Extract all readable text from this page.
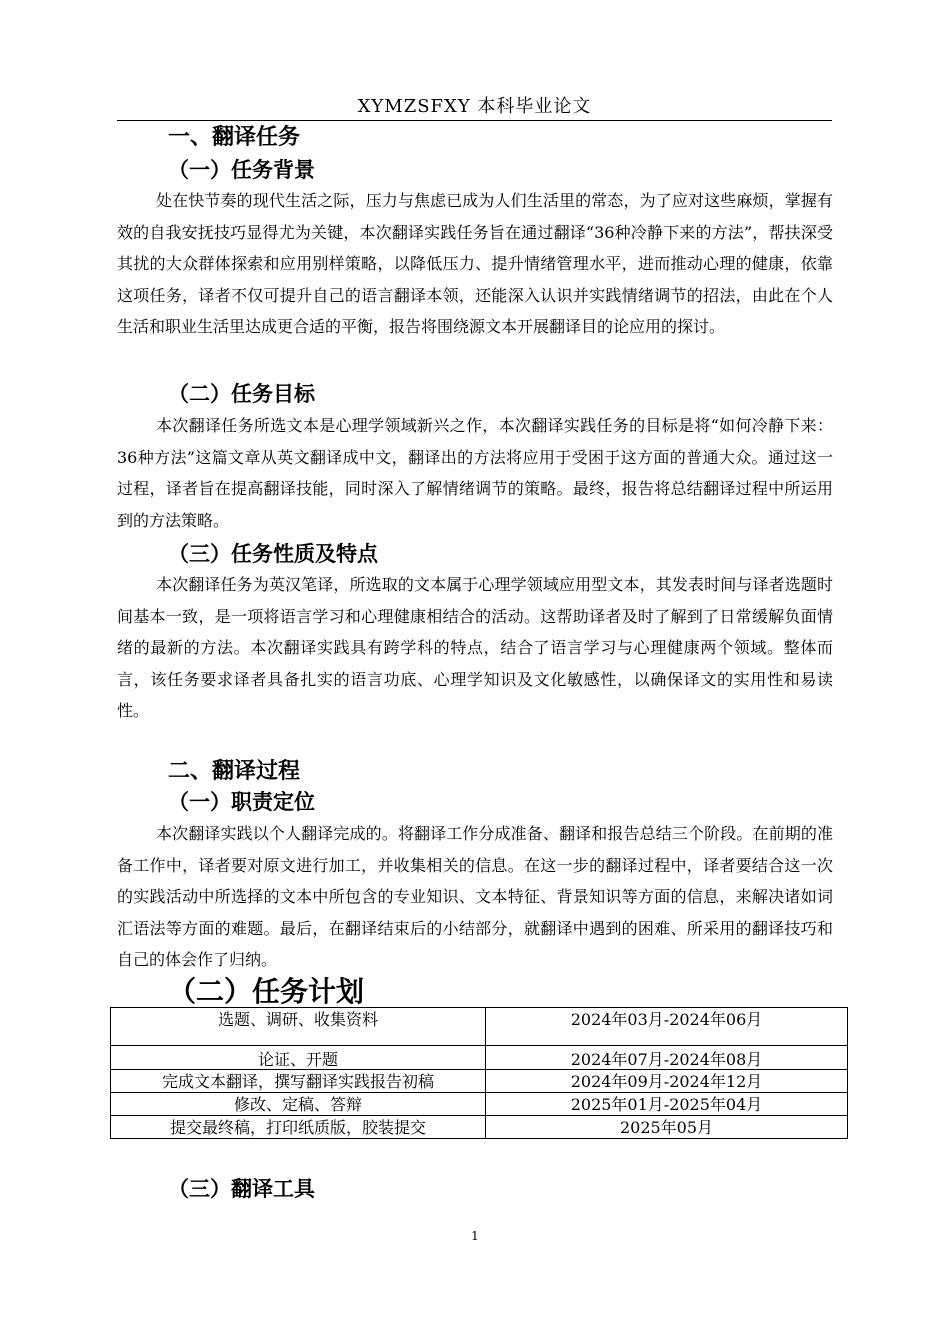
XYMZSFXY 本科毕业论文
一、翻译任务
（一）任务背景
处在快节奏的现代生活之际，压力与焦虑已成为人们生活里的常态，为了应对这些麻烦，掌握有效的自我安抚技巧显得尤为关键，本次翻译实践任务旨在通过翻译“36种冷静下来的方法”，帮扶深受其扰的大众群体探索和应用别样策略，以降低压力、提升情绪管理水平，进而推动心理的健康，依靠这项任务，译者不仅可提升自己的语言翻译本领，还能深入认识并实践情绪调节的招法，由此在个人生活和职业生活里达成更合适的平衡，报告将围绕源文本开展翻译目的论应用的探讨。
（二）任务目标
本次翻译任务所选文本是心理学领域新兴之作，本次翻译实践任务的目标是将“如何冷静下来：36种方法”这篇文章从英文翻译成中文，翻译出的方法将应用于受困于这方面的普通大众。通过这一过程，译者旨在提高翻译技能，同时深入了解情绪调节的策略。最终，报告将总结翻译过程中所运用到的方法策略。
（三）任务性质及特点
本次翻译任务为英汉笔译，所选取的文本属于心理学领域应用型文本，其发表时间与译者选题时间基本一致，是一项将语言学习和心理健康相结合的活动。这帮助译者及时了解到了日常缓解负面情绪的最新的方法。本次翻译实践具有跨学科的特点，结合了语言学习与心理健康两个领域。整体而言，该任务要求译者具备扎实的语言功底、心理学知识及文化敏感性，以确保译文的实用性和易读性。
二、翻译过程
（一）职责定位
本次翻译实践以个人翻译完成的。将翻译工作分成准备、翻译和报告总结三个阶段。在前期的准备工作中，译者要对原文进行加工，并收集相关的信息。在这一步的翻译过程中，译者要结合这一次的实践活动中所选择的文本中所包含的专业知识、文本特征、背景知识等方面的信息，来解决诸如词汇语法等方面的难题。最后，在翻译结束后的小结部分，就翻译中遇到的困难、所采用的翻译技巧和自己的体会作了归纳。
（二）任务计划
选题、调研、收集资料	2024年03月-2024年06月
论证、开题	2024年07月-2024年08月
完成文本翻译，撰写翻译实践报告初稿	2024年09月-2024年12月
修改、定稿、答辩	2025年01月-2025年04月
提交最终稿，打印纸质版，胶装提交	2025年05月
（三）翻译工具
1
